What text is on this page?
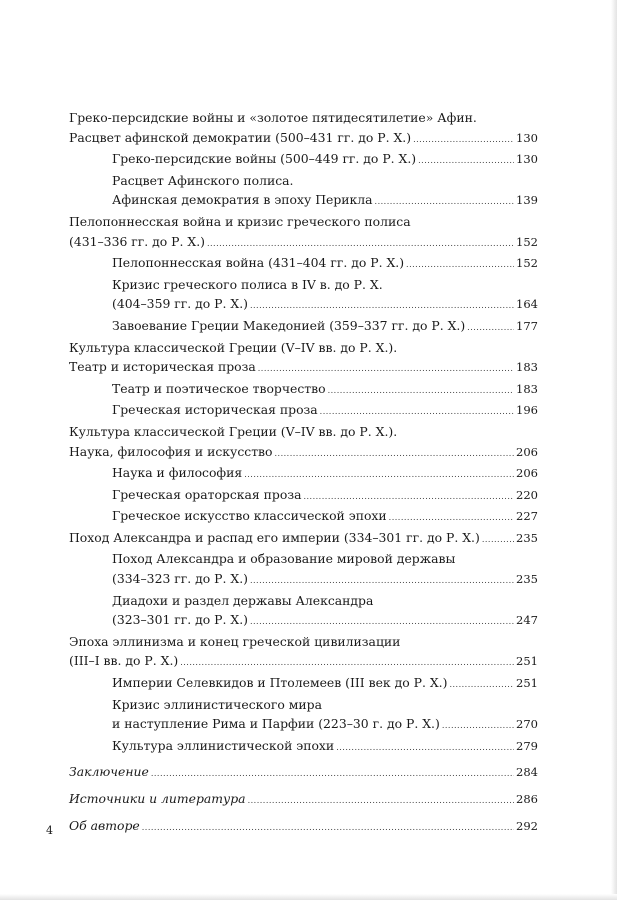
Греко-персидские войны и «золотое пятидесятилетие» Афин.
Расцвет афинской демократии (500–431 гг. до Р. Х.) .....	130
Греко-персидские войны (500–449 гг. до Р. Х.) .....	130
Расцвет Афинского полиса.
Афинская демократия в эпоху Перикла .....	139
Пелопоннесская война и кризис греческого полиса
(431–336 гг. до Р. Х.) .....	152
Пелопоннесская война (431–404 гг. до Р. Х.) .....	152
Кризис греческого полиса в IV в. до Р. Х.
(404–359 гг. до Р. Х.) .....	164
Завоевание Греции Македонией (359–337 гг. до Р. Х.) .....	177
Культура классической Греции (V–IV вв. до Р. Х.).
Театр и историческая проза .....	183
Театр и поэтическое творчество .....	183
Греческая историческая проза .....	196
Культура классической Греции (V–IV вв. до Р. Х.).
Наука, философия и искусство .....	206
Наука и философия .....	206
Греческая ораторская проза .....	220
Греческое искусство классической эпохи .....	227
Поход Александра и распад его империи (334–301 гг. до Р. Х.) .....	235
Поход Александра и образование мировой державы
(334–323 гг. до Р. Х.) .....	235
Диадохи и раздел державы Александра
(323–301 гг. до Р. Х.) .....	247
Эпоха эллинизма и конец греческой цивилизации
(III–I вв. до Р. Х.) .....	251
Империи Селевкидов и Птолемеев (III век до Р. Х.) .....	251
Кризис эллинистического мира
и наступление Рима и Парфии (223–30 г. до Р. Х.) .....	270
Культура эллинистической эпохи .....	279
Заключение .....	284
Источники и литература .....	286
Об авторе .....	292
4
